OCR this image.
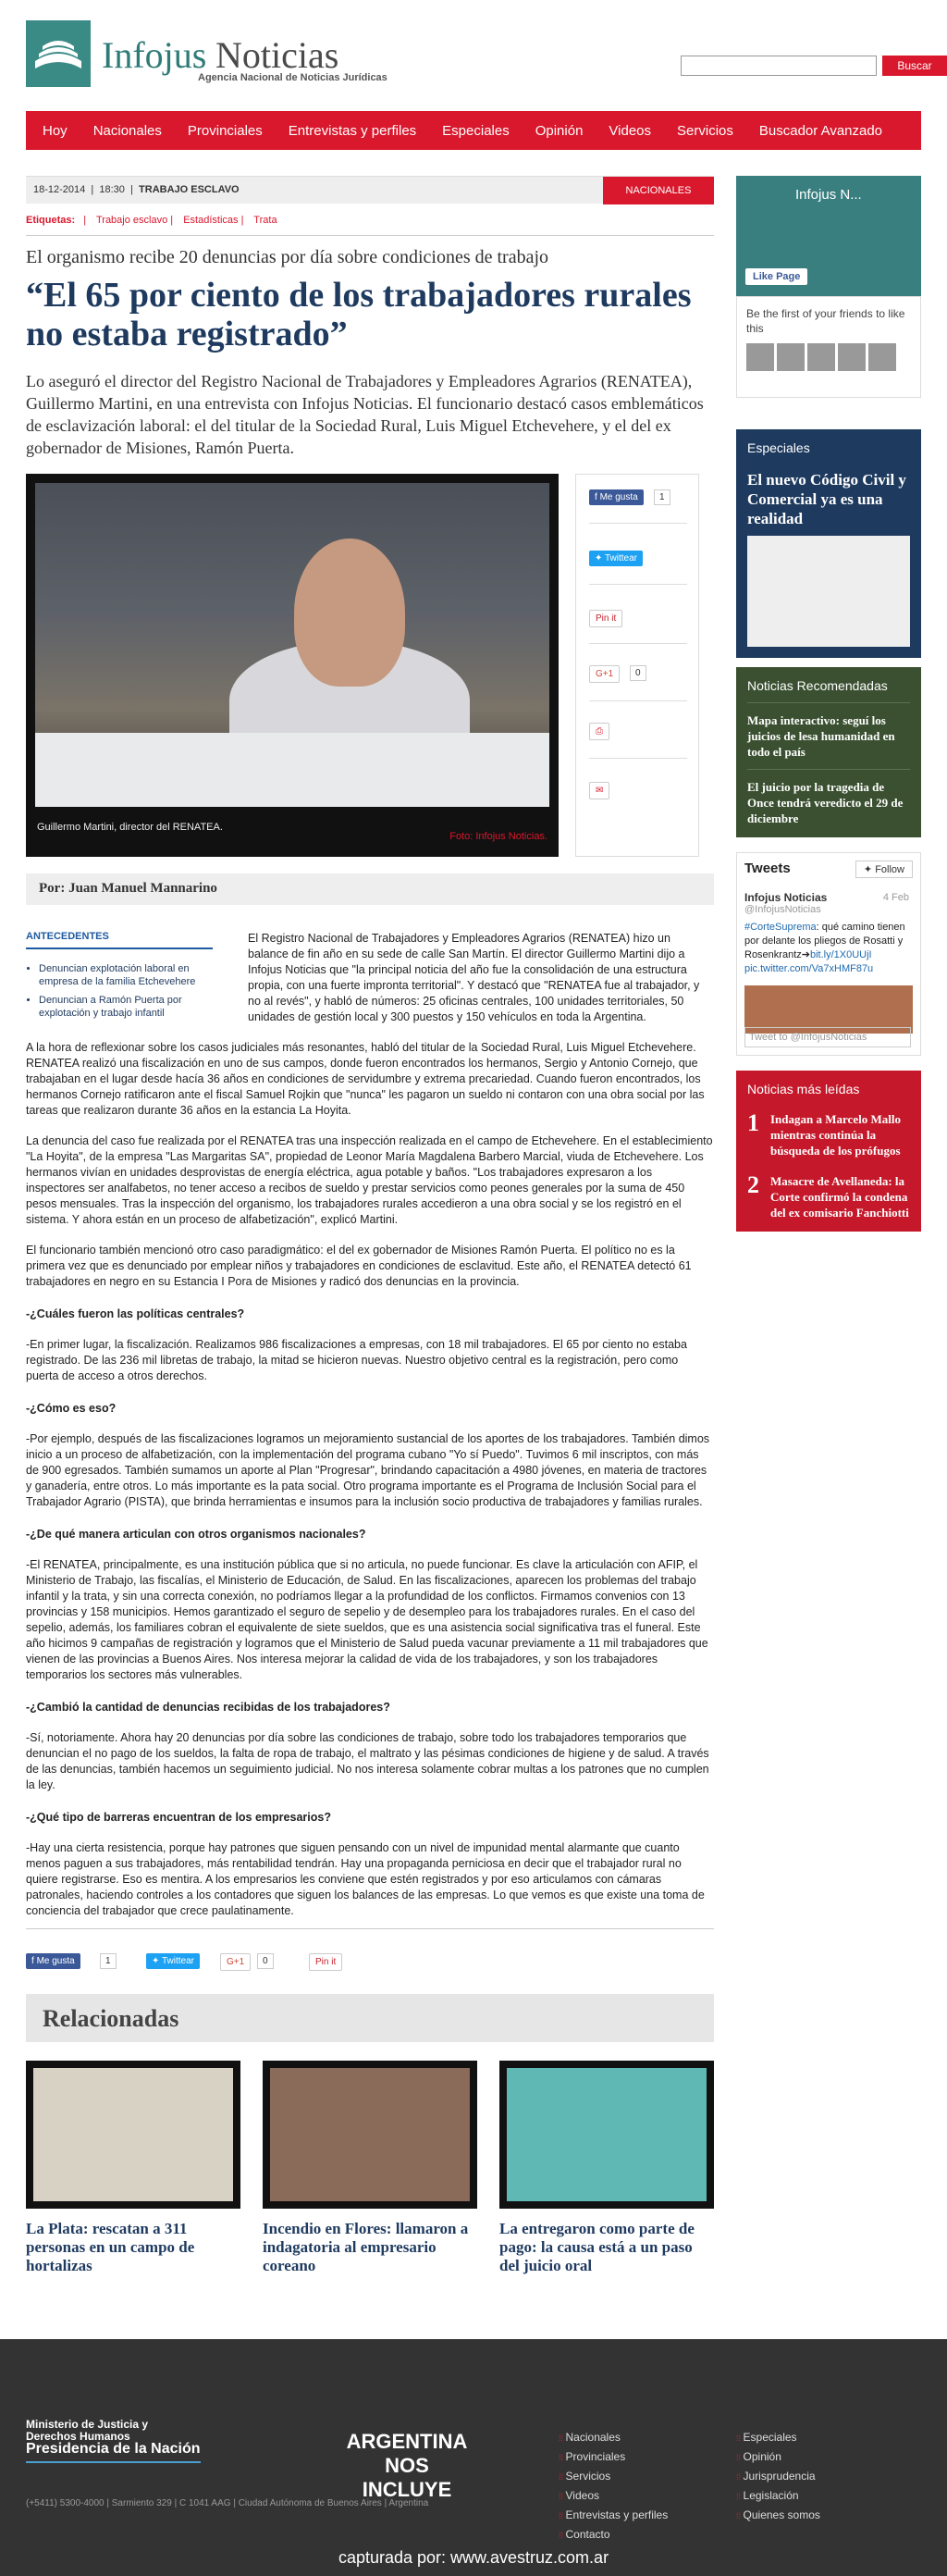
Infojus Noticias
Agencia Nacional de Noticias Jurídicas
Buscar
Hoy	Nacionales	Provinciales	Entrevistas y perfiles	Especiales	Opinión	Videos	Servicios	Buscador Avanzado
18-12-2014  |  18:30  |  TRABAJO ESCLAVO	NACIONALES
Etiquetas: | Trabajo esclavo | Estadísticas | Trata
El organismo recibe 20 denuncias por día sobre condiciones de trabajo
“El 65 por ciento de los trabajadores rurales no estaba registrado”

Lo aseguró el director del Registro Nacional de Trabajadores y Empleadores Agrarios (RENATEA), Guillermo Martini, en una entrevista con Infojus Noticias. El funcionario destacó casos emblemáticos de esclavización laboral: el del titular de la Sociedad Rural, Luis Miguel Etchevehere, y el del ex gobernador de Misiones, Ramón Puerta.

Guillermo Martini, director del RENATEA.
Foto: Infojus Noticias.
f Me gusta	1
✦ Twittear
Pin it
G+1	0
⎙
✉
Por: Juan Manuel Mannarino
ANTECEDENTES
• Denuncian explotación laboral en empresa de la familia Etchevehere
• Denuncian a Ramón Puerta por explotación y trabajo infantil

El Registro Nacional de Trabajadores y Empleadores Agrarios (RENATEA) hizo un balance de fin año en su sede de calle San Martín. El director Guillermo Martini dijo a Infojus Noticias que "la principal noticia del año fue la consolidación de una estructura propia, con una fuerte impronta territorial". Y destacó que "RENATEA fue al trabajador, y no al revés", y habló de números: 25 oficinas centrales, 100 unidades territoriales, 50 unidades de gestión local y 300 puestos y 150 vehículos en toda la Argentina.

A la hora de reflexionar sobre los casos judiciales más resonantes, habló del titular de la Sociedad Rural, Luis Miguel Etchevehere. RENATEA realizó una fiscalización en uno de sus campos, donde fueron encontrados los hermanos, Sergio y Antonio Cornejo, que trabajaban en el lugar desde hacía 36 años en condiciones de servidumbre y extrema precariedad. Cuando fueron encontrados, los hermanos Cornejo ratificaron ante el fiscal Samuel Rojkin que "nunca" les pagaron un sueldo ni contaron con una obra social por las tareas que realizaron durante 36 años en la estancia La Hoyita.

La denuncia del caso fue realizada por el RENATEA tras una inspección realizada en el campo de Etchevehere. En el establecimiento "La Hoyita", de la empresa "Las Margaritas SA", propiedad de Leonor María Magdalena Barbero Marcial, viuda de Etchevehere. Los hermanos vivían en unidades desprovistas de energía eléctrica, agua potable y baños. "Los trabajadores expresaron a los inspectores ser analfabetos, no tener acceso a recibos de sueldo y prestar servicios como peones generales por la suma de 450 pesos mensuales. Tras la inspección del organismo, los trabajadores rurales accedieron a una obra social y se los registró en el sistema. Y ahora están en un proceso de alfabetización", explicó Martini.

El funcionario también mencionó otro caso paradigmático: el del ex gobernador de Misiones Ramón Puerta. El político no es la primera vez que es denunciado por emplear niños y trabajadores en condiciones de esclavitud. Este año, el RENATEA detectó 61 trabajadores en negro en su Estancia I Pora de Misiones y radicó dos denuncias en la provincia.

-¿Cuáles fueron las políticas centrales?

-En primer lugar, la fiscalización. Realizamos 986 fiscalizaciones a empresas, con 18 mil trabajadores. El 65 por ciento no estaba registrado. De las 236 mil libretas de trabajo, la mitad se hicieron nuevas. Nuestro objetivo central es la registración, pero como puerta de acceso a otros derechos.

-¿Cómo es eso?

-Por ejemplo, después de las fiscalizaciones logramos un mejoramiento sustancial de los aportes de los trabajadores. También dimos inicio a un proceso de alfabetización, con la implementación del programa cubano "Yo sí Puedo". Tuvimos 6 mil inscriptos, con más de 900 egresados. También sumamos un aporte al Plan "Progresar", brindando capacitación a 4980 jóvenes, en materia de tractores y ganadería, entre otros. Lo más importante es la pata social. Otro programa importante es el Programa de Inclusión Social para el Trabajador Agrario (PISTA), que brinda herramientas e insumos para la inclusión socio productiva de trabajadores y familias rurales.

-¿De qué manera articulan con otros organismos nacionales?

-El RENATEA, principalmente, es una institución pública que si no articula, no puede funcionar. Es clave la articulación con AFIP, el Ministerio de Trabajo, las fiscalías, el Ministerio de Educación, de Salud. En las fiscalizaciones, aparecen los problemas del trabajo infantil y la trata, y sin una correcta conexión, no podríamos llegar a la profundidad de los conflictos. Firmamos convenios con 13 provincias y 158 municipios. Hemos garantizado el seguro de sepelio y de desempleo para los trabajadores rurales. En el caso del sepelio, además, los familiares cobran el equivalente de siete sueldos, que es una asistencia social significativa tras el funeral. Este año hicimos 9 campañas de registración y logramos que el Ministerio de Salud pueda vacunar previamente a 11 mil trabajadores que vienen de las provincias a Buenos Aires. Nos interesa mejorar la calidad de vida de los trabajadores, y son los trabajadores temporarios los sectores más vulnerables.

-¿Cambió la cantidad de denuncias recibidas de los trabajadores?

-Sí, notoriamente. Ahora hay 20 denuncias por día sobre las condiciones de trabajo, sobre todo los trabajadores temporarios que denuncian el no pago de los sueldos, la falta de ropa de trabajo, el maltrato y las pésimas condiciones de higiene y de salud. A través de las denuncias, también hacemos un seguimiento judicial. No nos interesa solamente cobrar multas a los patrones que no cumplen la ley.

-¿Qué tipo de barreras encuentran de los empresarios?

-Hay una cierta resistencia, porque hay patrones que siguen pensando con un nivel de impunidad mental alarmante que cuanto menos paguen a sus trabajadores, más rentabilidad tendrán. Hay una propaganda perniciosa en decir que el trabajador rural no quiere registrarse. Eso es mentira. A los empresarios les conviene que estén registrados y por eso articulamos con cámaras patronales, haciendo controles a los contadores que siguen los balances de las empresas. Lo que vemos es que existe una toma de conciencia del trabajador que crece paulatinamente.

f Me gusta	1	✦ Twittear	G+1	0	Pin it
Relacionadas
La Plata: rescatan a 311 personas en un campo de hortalizas
Incendio en Flores: llamaron a indagatoria al empresario coreano
La entregaron como parte de pago: la causa está a un paso del juicio oral
Infojus N...
Like Page
Be the first of your friends to like this
Especiales
El nuevo Código Civil y Comercial ya es una realidad
Noticias Recomendadas
Mapa interactivo: seguí los juicios de lesa humanidad en todo el país
El juicio por la tragedia de Once tendrá veredicto el 29 de diciembre
Tweets	✦ Follow
Infojus Noticias	4 Feb
@InfojusNoticias
#CorteSuprema: qué camino tienen por delante los pliegos de Rosatti y Rosenkrantz➔bit.ly/1X0UUjI pic.twitter.com/Va7xHMF87u
Tweet to @InfojusNoticias
Noticias más leídas
1 Indagan a Marcelo Mallo mientras continúa la búsqueda de los prófugos
2 Masacre de Avellaneda: la Corte confirmó la condena del ex comisario Fanchiotti
Ministerio de Justicia y Derechos Humanos
Presidencia de la Nación	ARGENTINA NOS INCLUYE
(+5411) 5300-4000 | Sarmiento 329 | C 1041 AAG | Ciudad Autónoma de Buenos Aires | Argentina
⁞⁞ Nacionales
⁞⁞ Provinciales
⁞⁞ Servicios
⁞⁞ Videos
⁞⁞ Entrevistas y perfiles
⁞⁞ Contacto
⁞⁞ Especiales
⁞⁞ Opinión
⁞⁞ Jurisprudencia
⁞⁞ Legislación
⁞⁞ Quienes somos
capturada por: www.avestruz.com.ar
